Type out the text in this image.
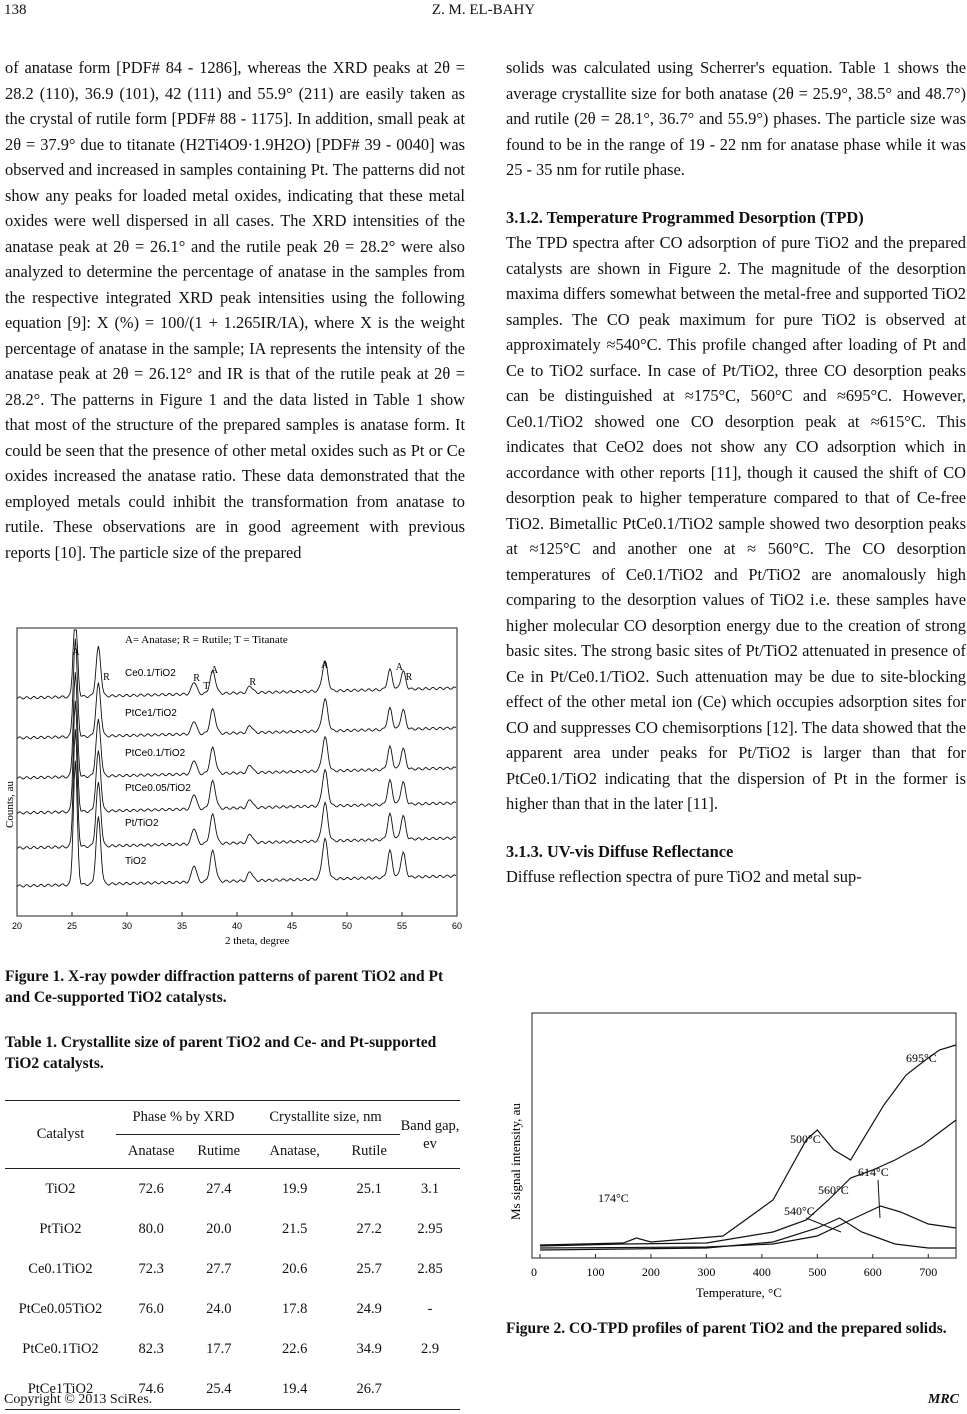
138	Z. M. EL-BAHY

of anatase form [PDF# 84 - 1286], whereas the XRD peaks at 2θ = 28.2 (110), 36.9 (101), 42 (111) and 55.9° (211) are easily taken as the crystal of rutile form [PDF# 88 - 1175]. In addition, small peak at 2θ = 37.9° due to titanate (H2Ti4O9·1.9H2O) [PDF# 39 - 0040] was observed and increased in samples containing Pt. The patterns did not show any peaks for loaded metal oxides, indicating that these metal oxides were well dispersed in all cases. The XRD intensities of the anatase peak at 2θ = 26.1° and the rutile peak 2θ = 28.2° were also analyzed to determine the percentage of anatase in the samples from the respective integrated XRD peak intensities using the following equation [9]: X (%) = 100/(1 + 1.265IR/IA), where X is the weight percentage of anatase in the sample; IA represents the intensity of the anatase peak at 2θ = 26.12° and IR is that of the rutile peak at 2θ = 28.2°. The patterns in Figure 1 and the data listed in Table 1 show that most of the structure of the prepared samples is anatase form. It could be seen that the presence of other metal oxides such as Pt or Ce oxides increased the anatase ratio. These data demonstrated that the employed metals could inhibit the transformation from anatase to rutile. These observations are in good agreement with previous reports [10]. The particle size of the prepared

solids was calculated using Scherrer's equation. Table 1 shows the average crystallite size for both anatase (2θ = 25.9°, 38.5° and 48.7°) and rutile (2θ = 28.1°, 36.7° and 55.9°) phases. The particle size was found to be in the range of 19 - 22 nm for anatase phase while it was 25 - 35 nm for rutile phase.

3.1.2. Temperature Programmed Desorption (TPD)

The TPD spectra after CO adsorption of pure TiO2 and the prepared catalysts are shown in Figure 2. The magnitude of the desorption maxima differs somewhat between the metal-free and supported TiO2 samples. The CO peak maximum for pure TiO2 is observed at approximately ≈540°C. This profile changed after loading of Pt and Ce to TiO2 surface. In case of Pt/TiO2, three CO desorption peaks can be distinguished at ≈175°C, 560°C and ≈695°C. However, Ce0.1/TiO2 showed one CO desorption peak at ≈615°C. This indicates that CeO2 does not show any CO adsorption which in accordance with other reports [11], though it caused the shift of CO desorption peak to higher temperature compared to that of Ce-free TiO2. Bimetallic PtCe0.1/TiO2 sample showed two desorption peaks at ≈125°C and another one at ≈ 560°C. The CO desorption temperatures of Ce0.1/TiO2 and Pt/TiO2 are anomalously high comparing to the desorption values of TiO2 i.e. these samples have higher molecular CO desorption energy due to the creation of strong basic sites. The strong basic sites of Pt/TiO2 attenuated in presence of Ce in Pt/Ce0.1/TiO2. Such attenuation may be due to site-blocking effect of the other metal ion (Ce) which occupies adsorption sites for CO and suppresses CO chemisorptions [12]. The data showed that the apparent area under peaks for Pt/TiO2 is larger than that for PtCe0.1/TiO2 indicating that the dispersion of Pt in the former is higher than that in the later [11].

3.1.3. UV-vis Diffuse Reflectance

Diffuse reflection spectra of pure TiO2 and metal sup-

A= Anatase; R = Rutile; T = Titanate
20	25	30	35	40	45	50	55	60
Ce0.1/TiO2
PtCe1/TiO2
PtCe0.1/TiO2
PtCe0.05/TiO2
Pt/TiO2
TiO2
A
R	R
T
A
R
A	A
R
2 theta, degree
Counts, au
Figure 1. X-ray powder diffraction patterns of parent TiO2 and Pt and Ce-supported TiO2 catalysts.
Table 1. Crystallite size of parent TiO2 and Ce- and Pt-supported TiO2 catalysts.
Catalyst	Phase % by XRD		Crystallite size, nm		Band gap, ev
	Anatase	Rutime	Anatase,	Rutile	
TiO2	72.6	27.4	19.9	25.1	3.1
PtTiO2	80.0	20.0	21.5	27.2	2.95
Ce0.1TiO2	72.3	27.7	20.6	25.7	2.85
PtCe0.05TiO2	76.0	24.0	17.8	24.9	-
PtCe0.1TiO2	82.3	17.7	22.6	34.9	2.9
PtCe1TiO2	74.6	25.4	19.4	26.7	
0	100	200	300	400	500	600	700
695°C
500°C
560°C
614°C
540°C
174°C
Temperature, °C
Ms signal intensity, au
Figure 2. CO-TPD profiles of parent TiO2 and the prepared solids.
Copyright © 2013 SciRes.	MRC
